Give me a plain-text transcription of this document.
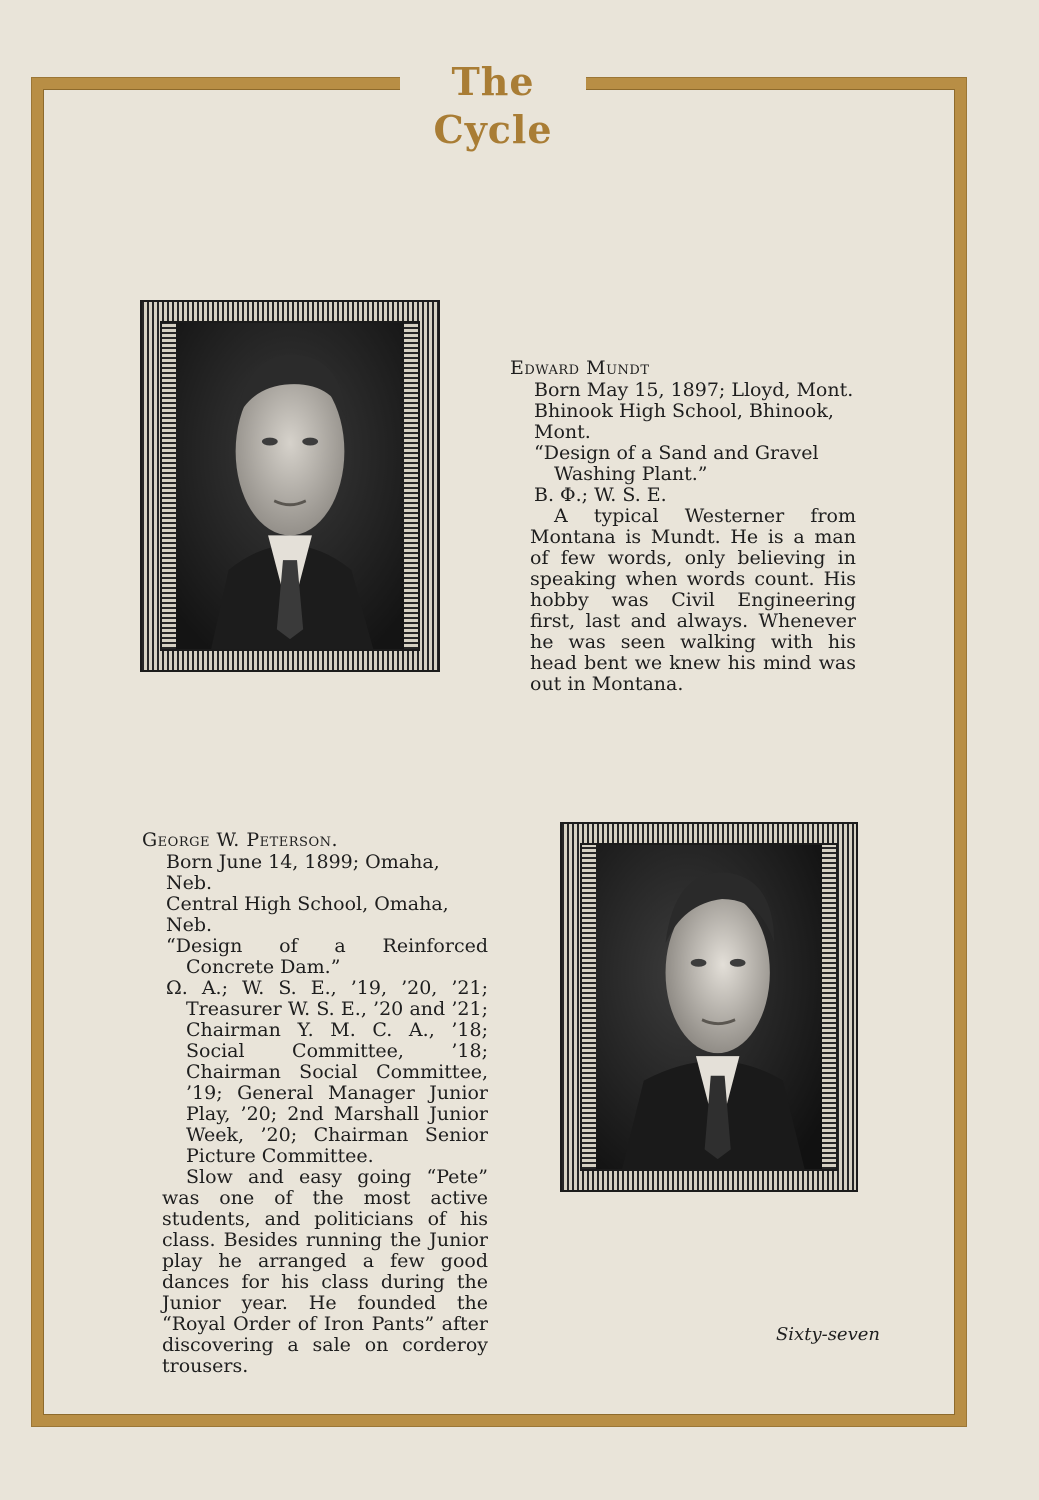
The Cycle
Edward Mundt
Born May 15, 1897; Lloyd, Mont.
Bhinook High School, Bhinook, Mont.
“Design of a Sand and Gravel Washing Plant.”
B. Φ.; W. S. E.
A typical Westerner from Montana is Mundt. He is a man of few words, only believing in speaking when words count. His hobby was Civil Engineering first, last and always. Whenever he was seen walking with his head bent we knew his mind was out in Montana.
George W. Peterson.
Born June 14, 1899; Omaha, Neb.
Central High School, Omaha, Neb.
“Design of a Reinforced Concrete Dam.”
Ω. Α.; W. S. E., ’19, ’20, ’21; Treasurer W. S. E., ’20 and ’21; Chairman Y. M. C. A., ’18; Social Committee, ’18; Chairman Social Committee, ’19; General Manager Junior Play, ’20; 2nd Marshall Junior Week, ’20; Chairman Senior Picture Committee.
Slow and easy going “Pete” was one of the most active students, and politicians of his class. Besides running the Junior play he arranged a few good dances for his class during the Junior year. He founded the “Royal Order of Iron Pants” after discovering a sale on corderoy trousers.
Sixty-seven
